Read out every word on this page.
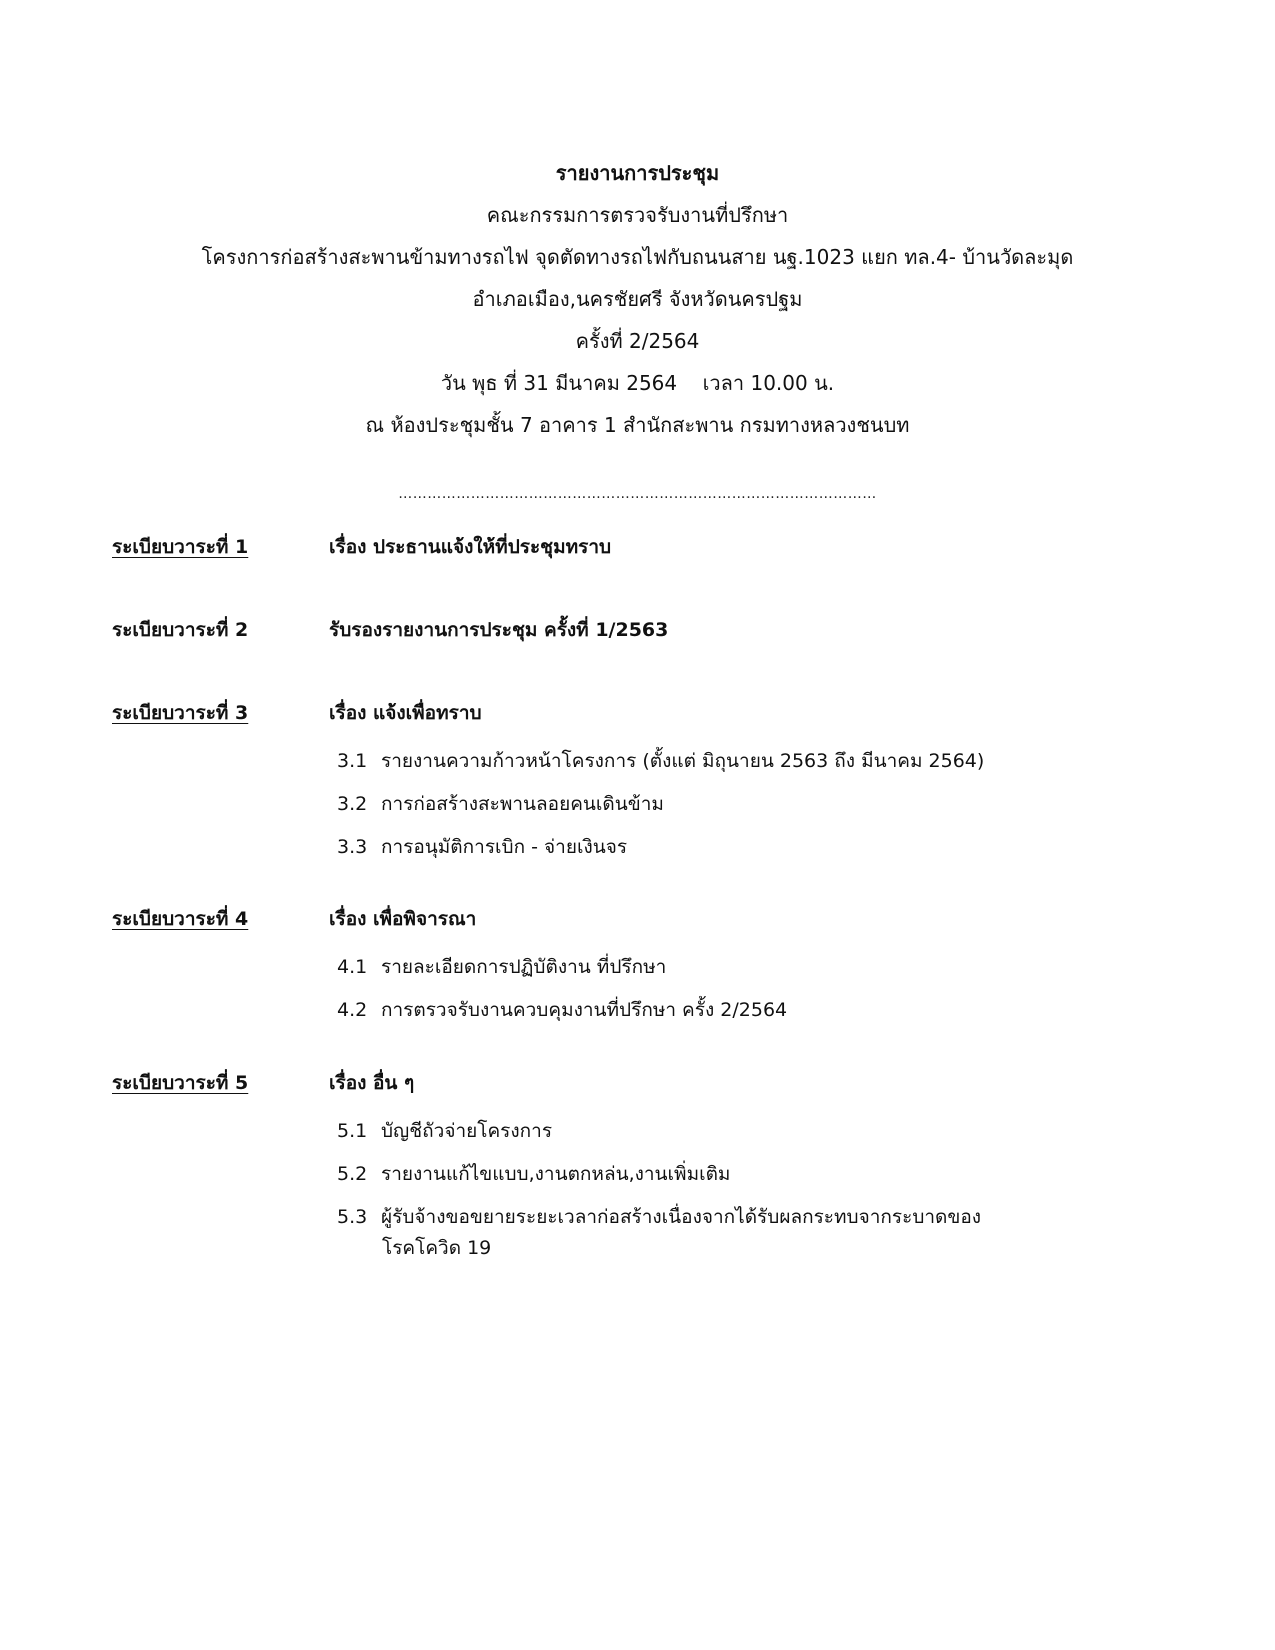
รายงานการประชุม
คณะกรรมการตรวจรับงานที่ปรึกษา
โครงการก่อสร้างสะพานข้ามทางรถไฟ จุดตัดทางรถไฟกับถนนสาย นฐ.1023 แยก ทล.4- บ้านวัดละมุด
อำเภอเมือง,นครชัยศรี จังหวัดนครปฐม
ครั้งที่ 2/2564
วัน พุธ ที่ 31 มีนาคม 2564    เวลา 10.00 น.
ณ ห้องประชุมชั้น 7 อาคาร 1 สำนักสะพาน กรมทางหลวงชนบท
………………………………………………………………………………………
ระเบียบวาระที่ 1	เรื่อง ประธานแจ้งให้ที่ประชุมทราบ
ระเบียบวาระที่ 2	รับรองรายงานการประชุม ครั้งที่ 1/2563
ระเบียบวาระที่ 3	เรื่อง แจ้งเพื่อทราบ
3.1 รายงานความก้าวหน้าโครงการ (ตั้งแต่ มิถุนายน 2563 ถึง มีนาคม 2564)
3.2 การก่อสร้างสะพานลอยคนเดินข้าม
3.3 การอนุมัติการเบิก - จ่ายเงินจร
ระเบียบวาระที่ 4	เรื่อง เพื่อพิจารณา
4.1 รายละเอียดการปฏิบัติงาน ที่ปรึกษา
4.2 การตรวจรับงานควบคุมงานที่ปรึกษา ครั้ง 2/2564
ระเบียบวาระที่ 5	เรื่อง อื่น ๆ
5.1 บัญชีถัวจ่ายโครงการ
5.2 รายงานแก้ไขแบบ,งานตกหล่น,งานเพิ่มเติม
5.3 ผู้รับจ้างขอขยายระยะเวลาก่อสร้างเนื่องจากได้รับผลกระทบจากระบาดของ
โรคโควิด 19
